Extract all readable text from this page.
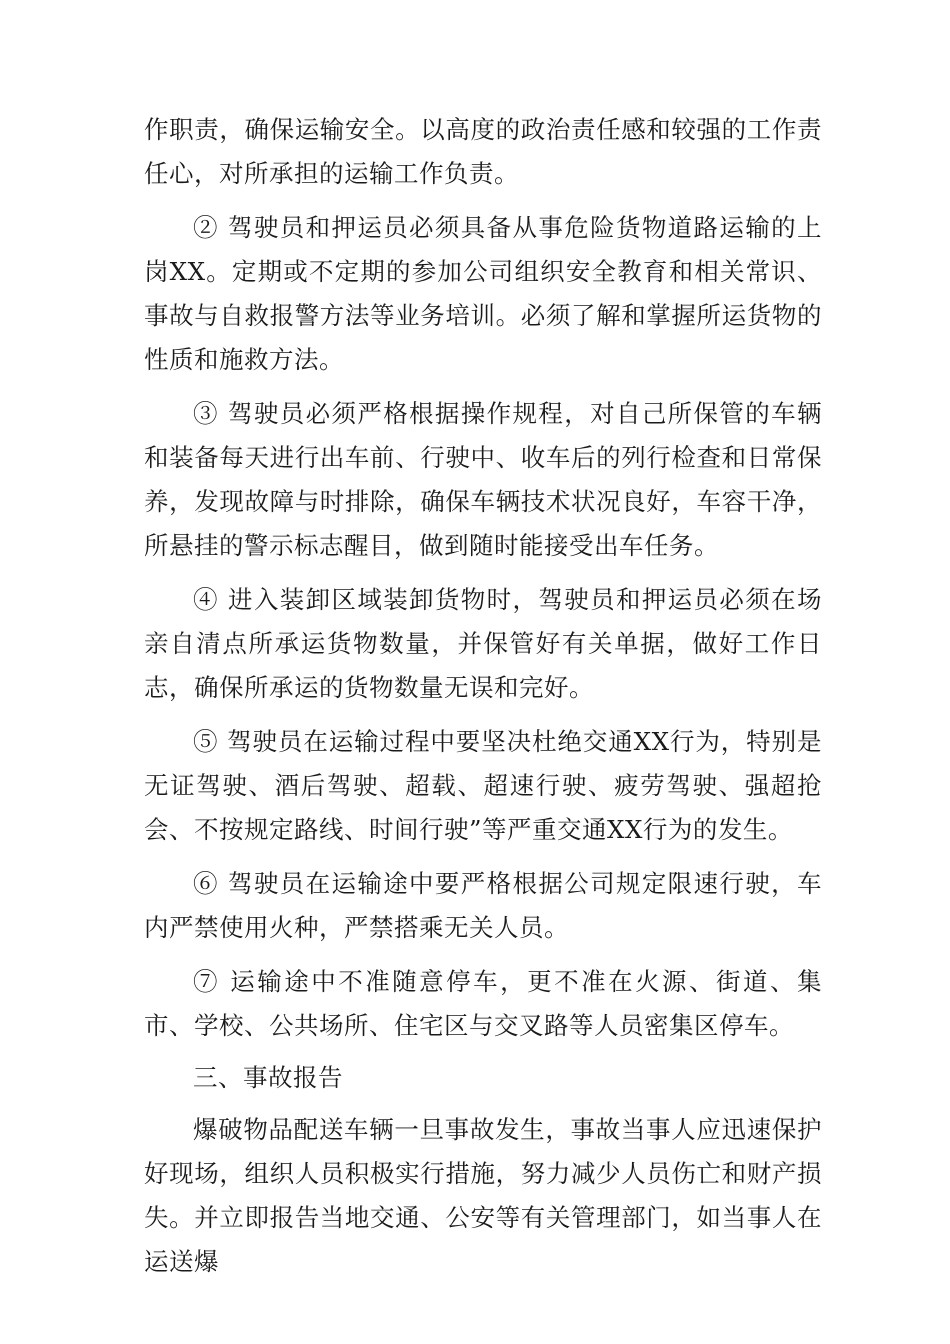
作职责，确保运输安全。以高度的政治责任感和较强的工作责任心，对所承担的运输工作负责。

② 驾驶员和押运员必须具备从事危险货物道路运输的上岗XX。定期或不定期的参加公司组织安全教育和相关常识、事故与自救报警方法等业务培训。必须了解和掌握所运货物的性质和施救方法。

③ 驾驶员必须严格根据操作规程，对自己所保管的车辆和装备每天进行出车前、行驶中、收车后的列行检查和日常保养，发现故障与时排除，确保车辆技术状况良好，车容干净，所悬挂的警示标志醒目，做到随时能接受出车任务。

④ 进入装卸区域装卸货物时，驾驶员和押运员必须在场亲自清点所承运货物数量，并保管好有关单据，做好工作日志，确保所承运的货物数量无误和完好。

⑤ 驾驶员在运输过程中要坚决杜绝交通XX行为，特别是无证驾驶、酒后驾驶、超载、超速行驶、疲劳驾驶、强超抢会、不按规定路线、时间行驶”等严重交通XX行为的发生。

⑥ 驾驶员在运输途中要严格根据公司规定限速行驶，车内严禁使用火种，严禁搭乘无关人员。

⑦ 运输途中不准随意停车，更不准在火源、街道、集市、学校、公共场所、住宅区与交叉路等人员密集区停车。

三、事故报告

爆破物品配送车辆一旦事故发生，事故当事人应迅速保护好现场，组织人员积极实行措施，努力减少人员伤亡和财产损失。并立即报告当地交通、公安等有关管理部门，如当事人在运送爆
